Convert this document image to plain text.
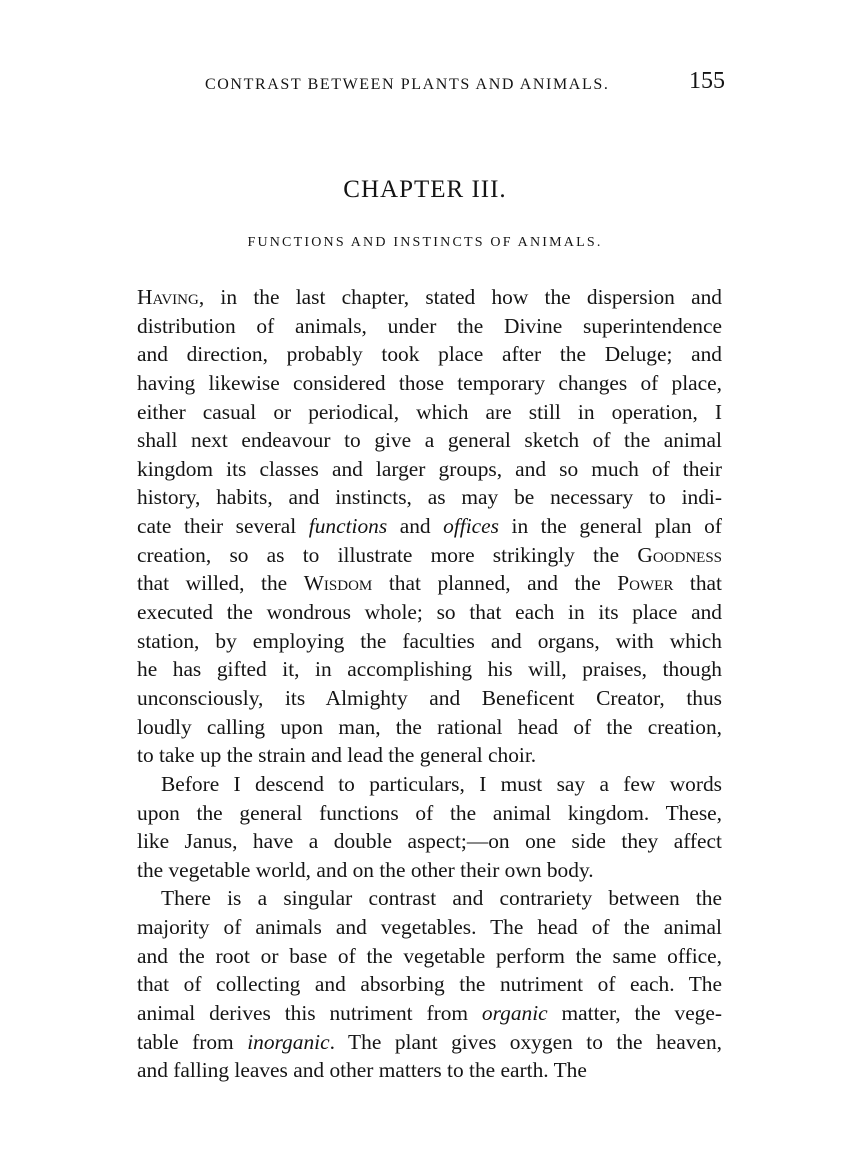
CONTRAST BETWEEN PLANTS AND ANIMALS.	155
CHAPTER III.
FUNCTIONS AND INSTINCTS OF ANIMALS.
Having, in the last chapter, stated how the dispersion and
distribution of animals, under the Divine superintendence
and direction, probably took place after the Deluge; and
having likewise considered those temporary changes of place,
either casual or periodical, which are still in operation, I
shall next endeavour to give a general sketch of the animal
kingdom its classes and larger groups, and so much of their
history, habits, and instincts, as may be necessary to indi-
cate their several functions and offices in the general plan of
creation, so as to illustrate more strikingly the Goodness
that willed, the Wisdom that planned, and the Power that
executed the wondrous whole; so that each in its place and
station, by employing the faculties and organs, with which
he has gifted it, in accomplishing his will, praises, though
unconsciously, its Almighty and Beneficent Creator, thus
loudly calling upon man, the rational head of the creation,
to take up the strain and lead the general choir.
Before I descend to particulars, I must say a few words
upon the general functions of the animal kingdom. These,
like Janus, have a double aspect;—on one side they affect
the vegetable world, and on the other their own body.
There is a singular contrast and contrariety between the
majority of animals and vegetables. The head of the animal
and the root or base of the vegetable perform the same office,
that of collecting and absorbing the nutriment of each. The
animal derives this nutriment from organic matter, the vege-
table from inorganic. The plant gives oxygen to the heaven,
and falling leaves and other matters to the earth. The
